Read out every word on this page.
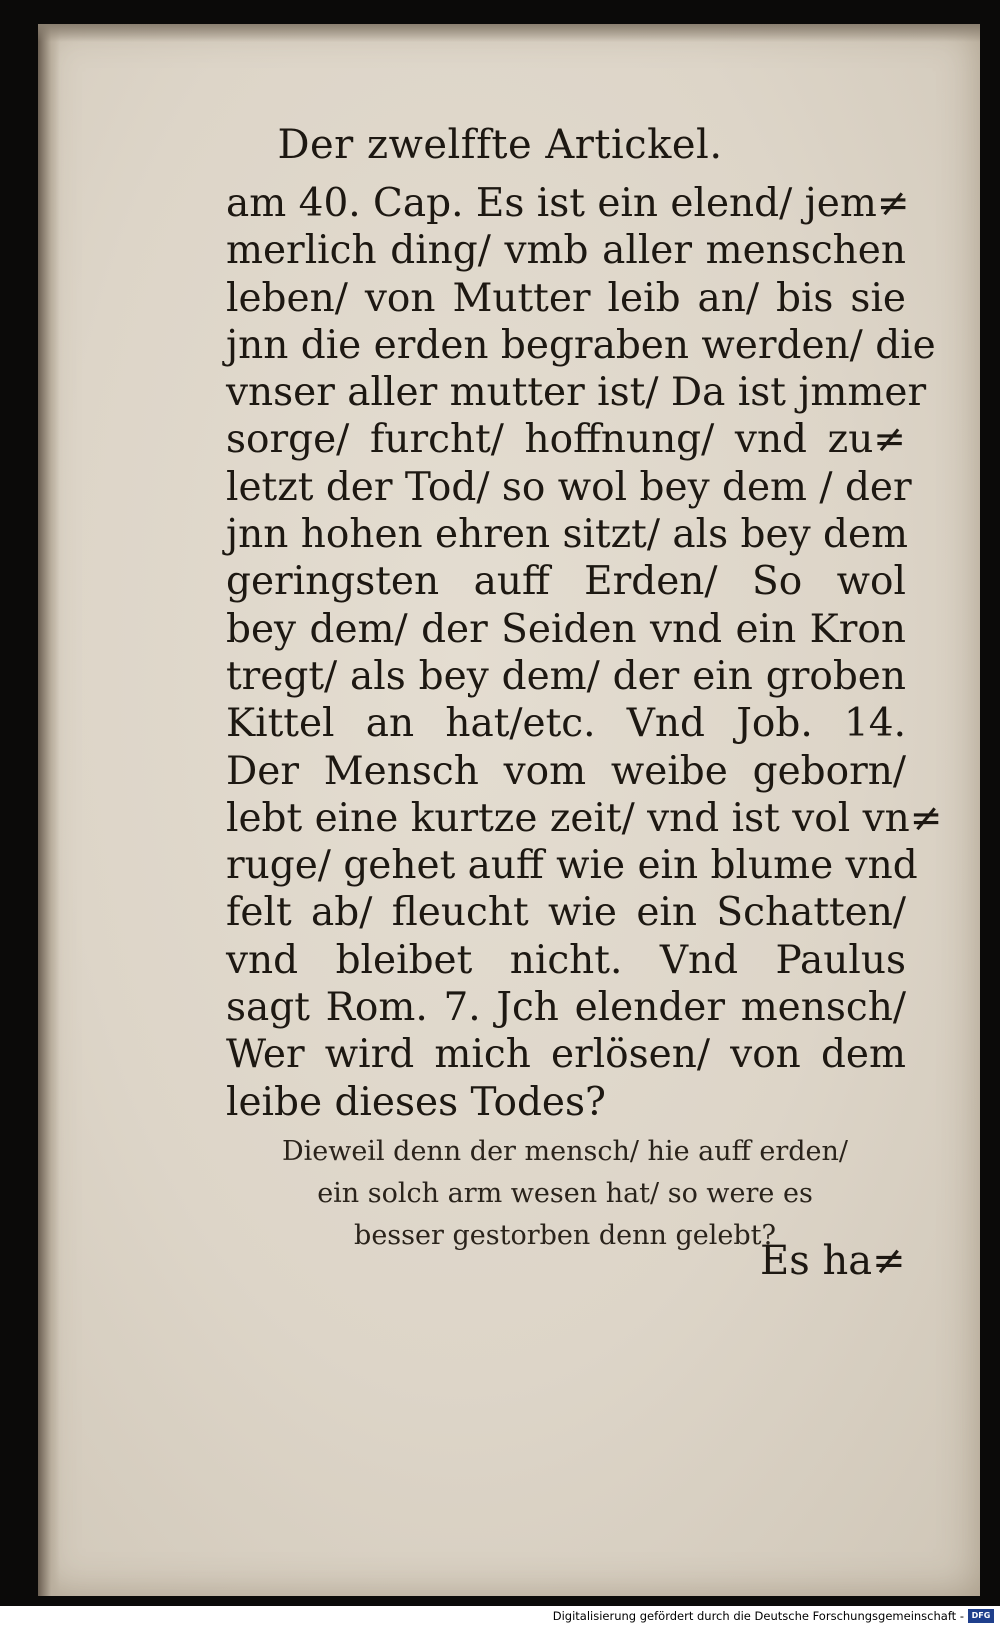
Der zwelffte Artickel.
am 40. Cap. Es ist ein elend/ jem≠
merlich ding/ vmb aller menschen
leben/ von Mutter leib an/ bis sie
jnn die erden begraben werden/ die
vnser aller mutter ist/ Da ist jmmer
sorge/ furcht/ hoffnung/ vnd zu≠
letzt der Tod/ so wol bey dem / der
jnn hohen ehren sitzt/ als bey dem
geringsten auff Erden/ So wol
bey dem/ der Seiden vnd ein Kron
tregt/ als bey dem/ der ein groben
Kittel an hat/etc. Vnd Job. 14.
Der Mensch vom weibe geborn/
lebt eine kurtze zeit/ vnd ist vol vn≠
ruge/ gehet auff wie ein blume vnd
felt ab/ fleucht wie ein Schatten/
vnd bleibet nicht. Vnd Paulus
sagt Rom. 7. Jch elender mensch/
Wer wird mich erlösen/ von dem
leibe dieses Todes?
Dieweil denn der mensch/ hie auff erden/
ein solch arm wesen hat/ so were es
besser gestorben denn gelebt?
Es ha≠
Digitalisierung gefördert durch die Deutsche Forschungsgemeinschaft - DFG
